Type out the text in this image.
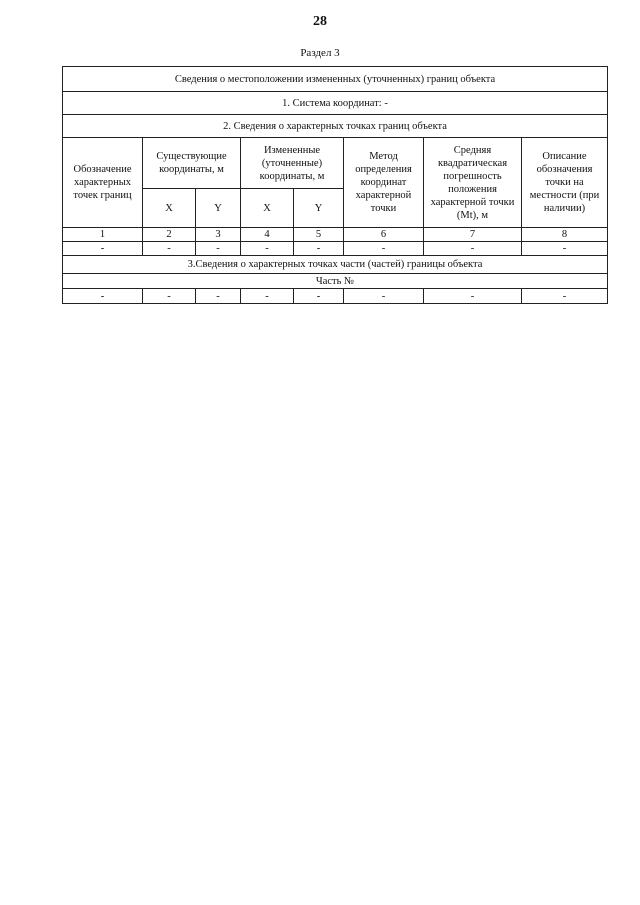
28
Раздел 3
Сведения о местоположении измененных (уточненных) границ объекта							
1. Система координат: -							
2. Сведения о характерных точках границ объекта							
Обозначение характерных точек границ	Существующие координаты, м		Измененные (уточненные) координаты, м		Метод определения координат характерной точки	Средняя квадратическая погрешность положения характерной точки (Mt), м	Описание обозначения точки на местности (при наличии)
	X	Y	X	Y			
1	2	3	4	5	6	7	8
-	-	-	-	-	-	-	-
3.Сведения о характерных точках части (частей) границы объекта							
Часть №							
-	-	-	-	-	-	-	-
